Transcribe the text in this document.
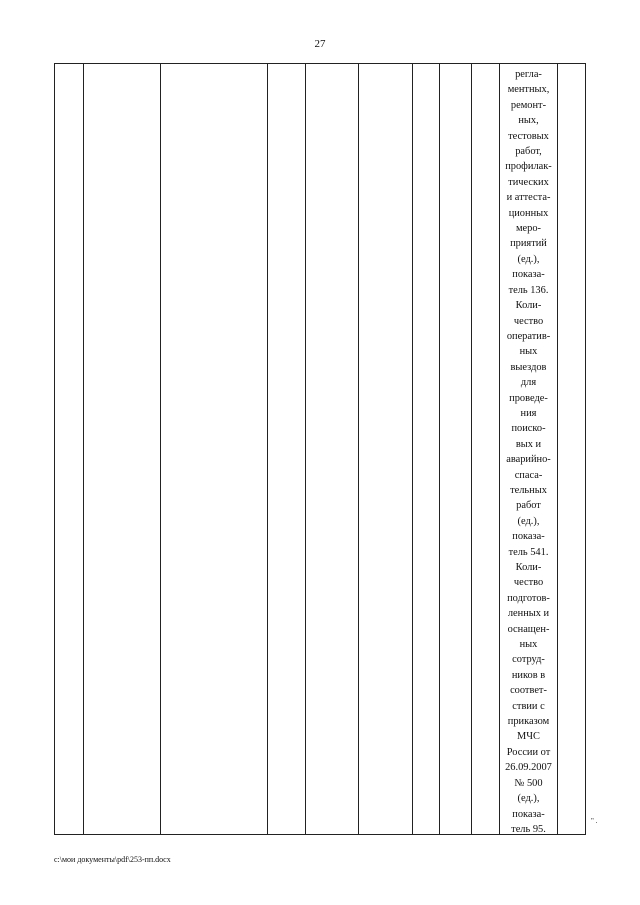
27
регла-
ментных,
ремонт-
ных,
тестовых
работ,
профилак-
тических
и аттеста-
ционных
меро-
приятий
(ед.),
показа-
тель 136.
Коли-
чество
оператив-
ных
выездов
для
проведе-
ния
поиско-
вых и
аварийно-
спаса-
тельных
работ
(ед.),
показа-
тель 541.
Коли-
чество
подготов-
ленных и
оснащен-
ных
сотруд-
ников в
соответ-
ствии с
приказом
МЧС
России от
26.09.2007
№ 500
(ед.),
показа-
тель 95.
" .
c:\мои документы\pdf\253-пп.docx
